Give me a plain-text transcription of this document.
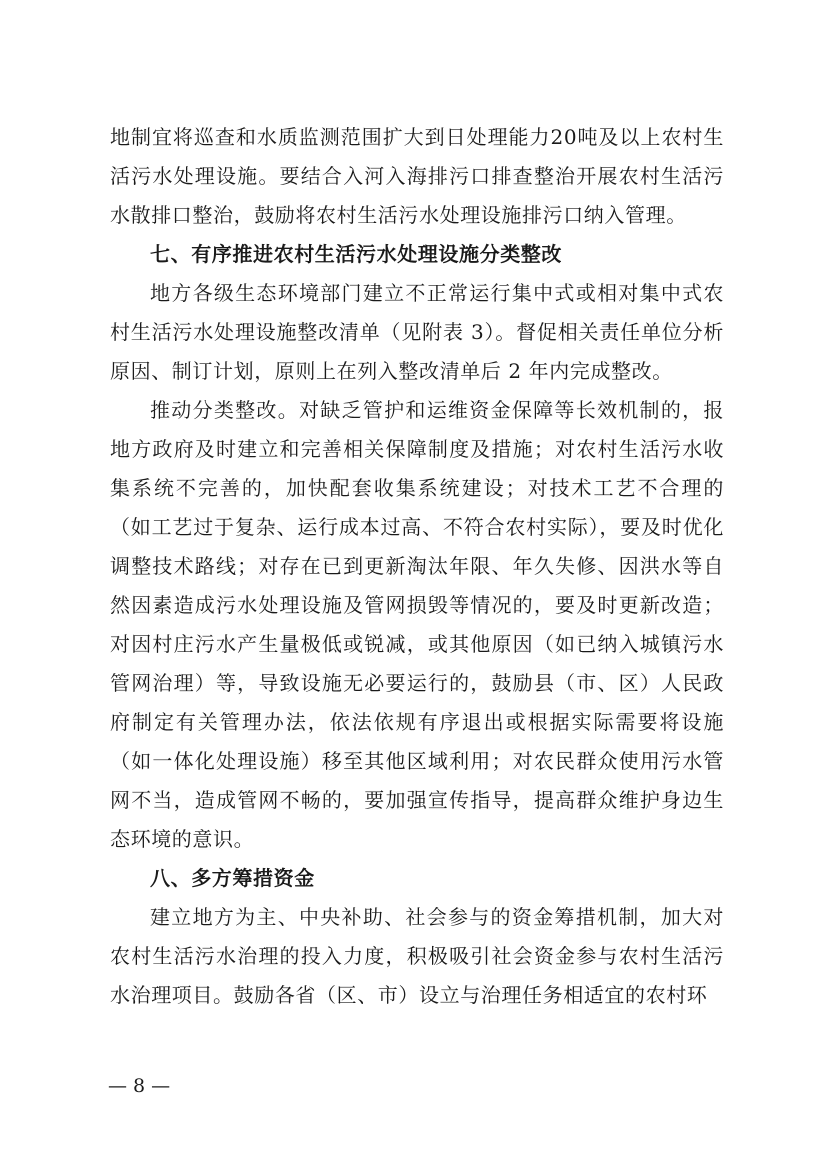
地制宜将巡查和水质监测范围扩大到日处理能力20吨及以上农村生活污水处理设施。要结合入河入海排污口排查整治开展农村生活污水散排口整治，鼓励将农村生活污水处理设施排污口纳入管理。

七、有序推进农村生活污水处理设施分类整改

地方各级生态环境部门建立不正常运行集中式或相对集中式农村生活污水处理设施整改清单（见附表 3）。督促相关责任单位分析原因、制订计划，原则上在列入整改清单后 2 年内完成整改。

推动分类整改。对缺乏管护和运维资金保障等长效机制的，报地方政府及时建立和完善相关保障制度及措施；对农村生活污水收集系统不完善的，加快配套收集系统建设；对技术工艺不合理的（如工艺过于复杂、运行成本过高、不符合农村实际），要及时优化调整技术路线；对存在已到更新淘汰年限、年久失修、因洪水等自然因素造成污水处理设施及管网损毁等情况的，要及时更新改造；对因村庄污水产生量极低或锐减，或其他原因（如已纳入城镇污水管网治理）等，导致设施无必要运行的，鼓励县（市、区）人民政府制定有关管理办法，依法依规有序退出或根据实际需要将设施（如一体化处理设施）移至其他区域利用；对农民群众使用污水管网不当，造成管网不畅的，要加强宣传指导，提高群众维护身边生态环境的意识。

八、多方筹措资金

建立地方为主、中央补助、社会参与的资金筹措机制，加大对农村生活污水治理的投入力度，积极吸引社会资金参与农村生活污水治理项目。鼓励各省（区、市）设立与治理任务相适宜的农村环

— 8 —
